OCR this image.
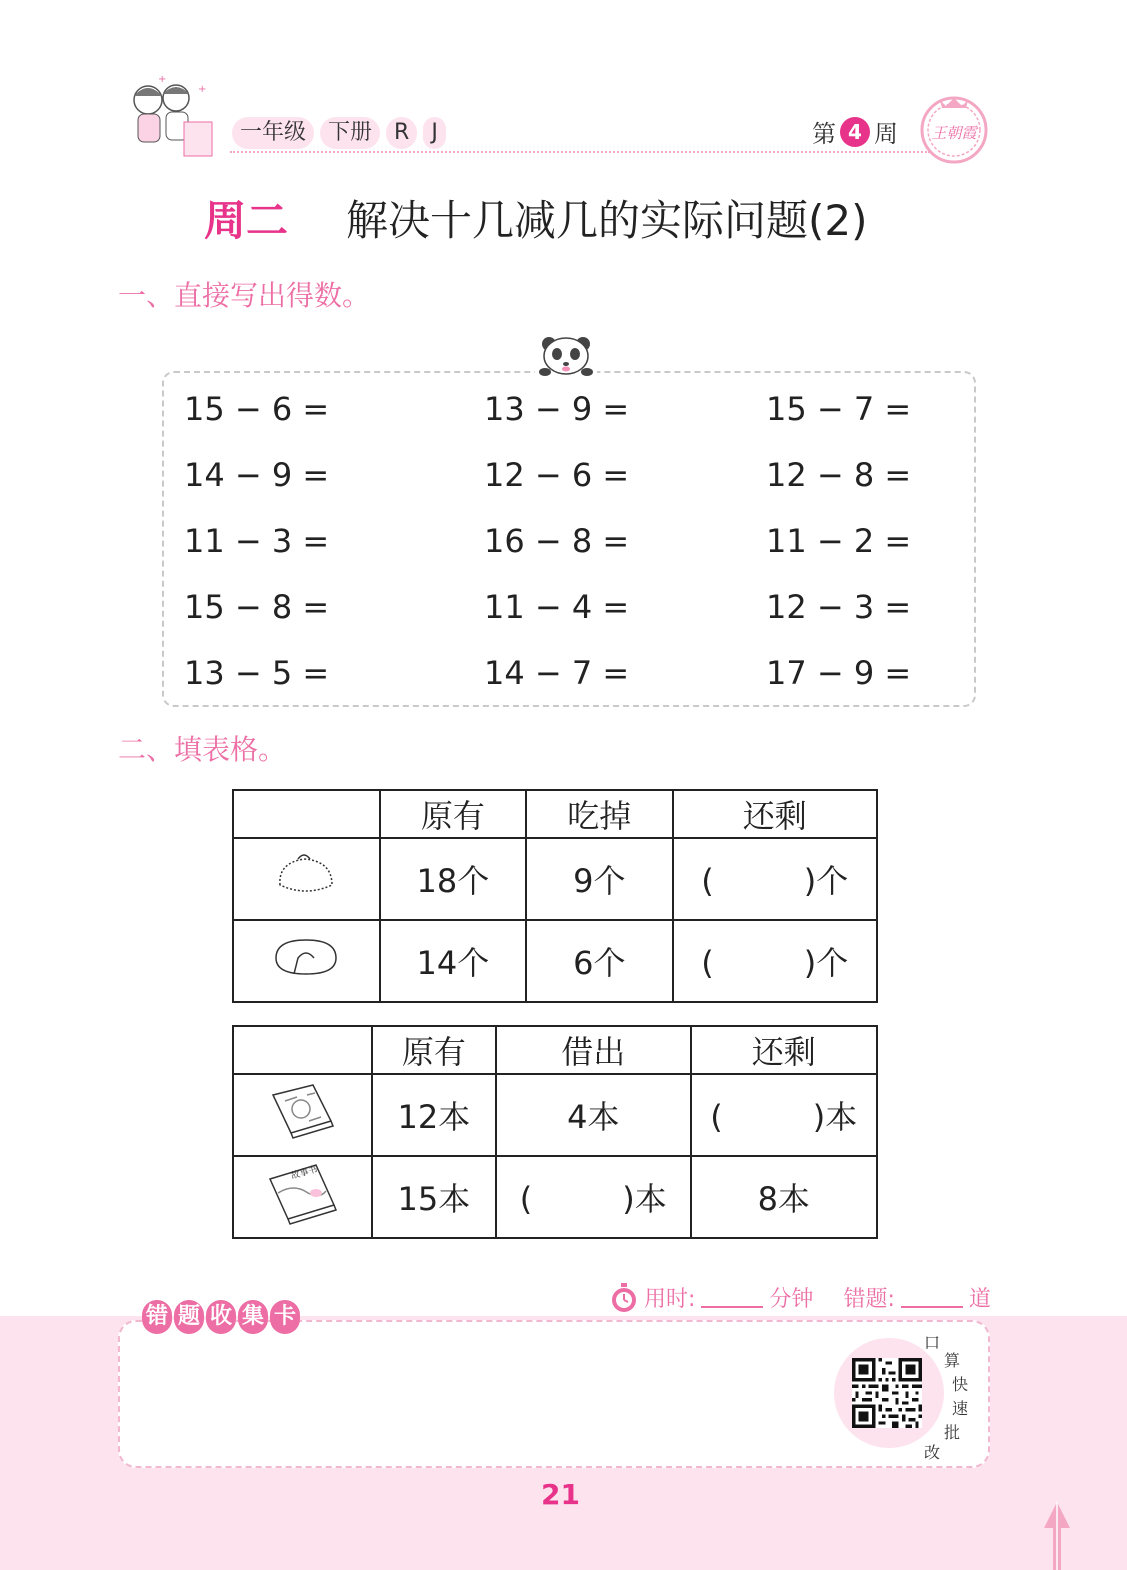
+
+
一年级	下册	R	J	第 4 周	王朝霞
周二 解决十几减几的实际问题(2)
一、直接写出得数。
15 − 6 =	13 − 9 =	15 − 7 =
14 − 9 =	12 − 6 =	12 − 8 =
11 − 3 =	16 − 8 =	11 − 2 =
15 − 8 =	11 − 4 =	12 − 3 =
13 − 5 =	14 − 7 =	17 − 9 =
二、填表格。
	原有	吃掉	还剩
	18个	9个	( )个
	14个	6个	( )个
	原有	借出	还剩
	12本	4本	( )本

故事书	15本	( )本	8本
用时:	分钟 错题:	道
错 题 收 集 卡
口
算
快
速
批
改
21
